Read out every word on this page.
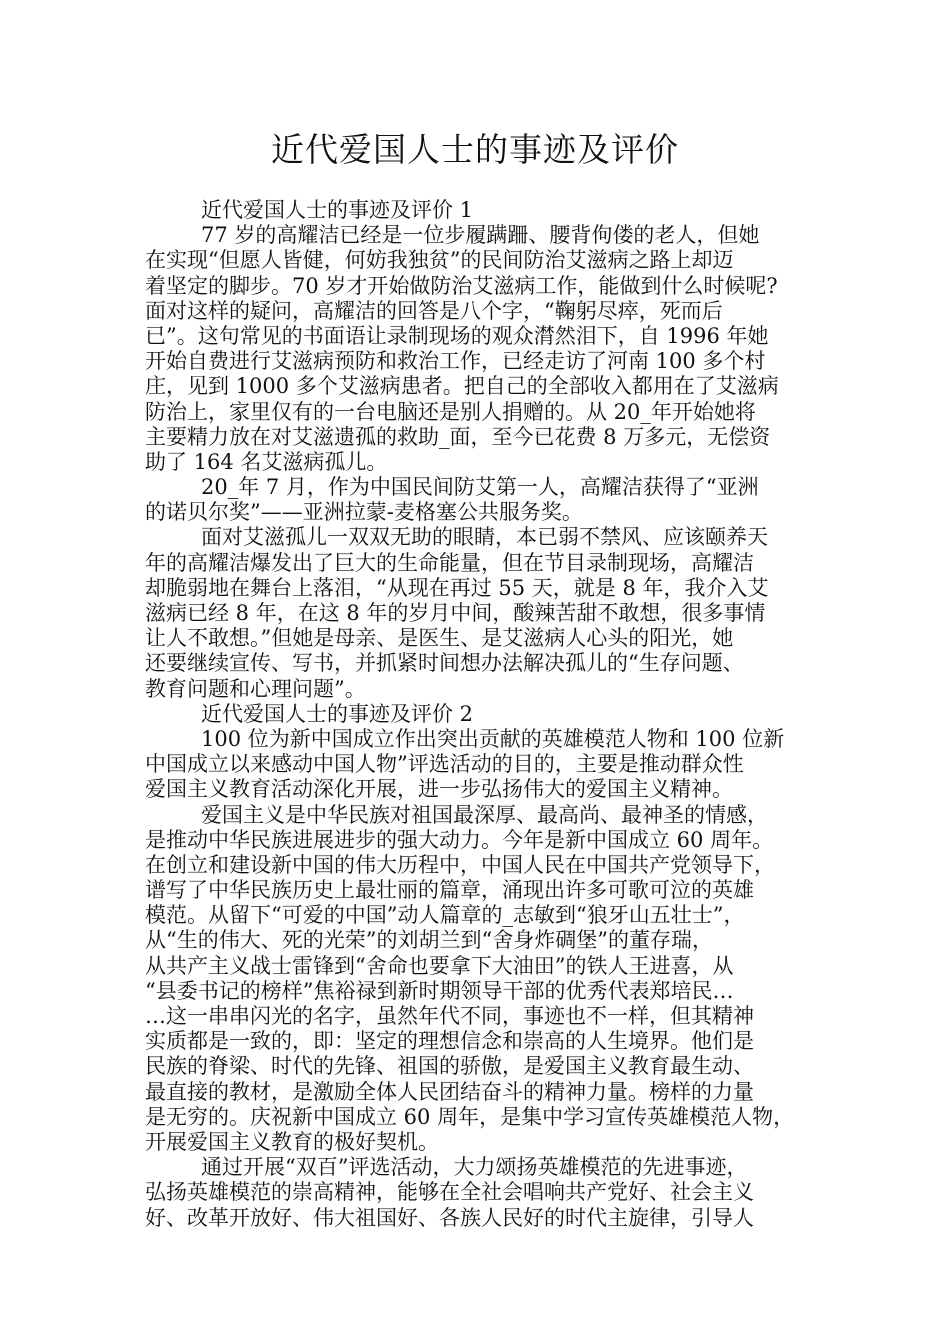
近代爱国人士的事迹及评价
近代爱国人士的事迹及评价 1
77 岁的高耀洁已经是一位步履蹒跚、腰背佝偻的老人，但她
在实现“但愿人皆健，何妨我独贫”的民间防治艾滋病之路上却迈
着坚定的脚步。70 岁才开始做防治艾滋病工作，能做到什么时候呢?
面对这样的疑问，高耀洁的回答是八个字，“鞠躬尽瘁，死而后
已”。这句常见的书面语让录制现场的观众潸然泪下，自 1996 年她
开始自费进行艾滋病预防和救治工作，已经走访了河南 100 多个村
庄，见到 1000 多个艾滋病患者。把自己的全部收入都用在了艾滋病
防治上，家里仅有的一台电脑还是别人捐赠的。从 20_年开始她将
主要精力放在对艾滋遗孤的救助_面，至今已花费 8 万多元，无偿资
助了 164 名艾滋病孤儿。
20_年 7 月，作为中国民间防艾第一人，高耀洁获得了“亚洲
的诺贝尔奖”——亚洲拉蒙-麦格塞公共服务奖。
面对艾滋孤儿一双双无助的眼睛，本已弱不禁风、应该颐养天
年的高耀洁爆发出了巨大的生命能量，但在节目录制现场，高耀洁
却脆弱地在舞台上落泪，“从现在再过 55 天，就是 8 年，我介入艾
滋病已经 8 年，在这 8 年的岁月中间，酸辣苦甜不敢想，很多事情
让人不敢想。”但她是母亲、是医生、是艾滋病人心头的阳光，她
还要继续宣传、写书，并抓紧时间想办法解决孤儿的“生存问题、
教育问题和心理问题”。
近代爱国人士的事迹及评价 2
100 位为新中国成立作出突出贡献的英雄模范人物和 100 位新
中国成立以来感动中国人物”评选活动的目的，主要是推动群众性
爱国主义教育活动深化开展，进一步弘扬伟大的爱国主义精神。
爱国主义是中华民族对祖国最深厚、最高尚、最神圣的情感，
是推动中华民族进展进步的强大动力。今年是新中国成立 60 周年。
在创立和建设新中国的伟大历程中，中国人民在中国共产党领导下，
谱写了中华民族历史上最壮丽的篇章，涌现出许多可歌可泣的英雄
模范。从留下“可爱的中国”动人篇章的_志敏到“狼牙山五壮士”，
从“生的伟大、死的光荣”的刘胡兰到“舍身炸碉堡”的董存瑞，
从共产主义战士雷锋到“舍命也要拿下大油田”的铁人王进喜，从
“县委书记的榜样”焦裕禄到新时期领导干部的优秀代表郑培民…
…这一串串闪光的名字，虽然年代不同，事迹也不一样，但其精神
实质都是一致的，即：坚定的理想信念和崇高的人生境界。他们是
民族的脊梁、时代的先锋、祖国的骄傲，是爱国主义教育最生动、
最直接的教材，是激励全体人民团结奋斗的精神力量。榜样的力量
是无穷的。庆祝新中国成立 60 周年，是集中学习宣传英雄模范人物，
开展爱国主义教育的极好契机。
通过开展“双百”评选活动，大力颂扬英雄模范的先进事迹，
弘扬英雄模范的崇高精神，能够在全社会唱响共产党好、社会主义
好、改革开放好、伟大祖国好、各族人民好的时代主旋律，引导人
